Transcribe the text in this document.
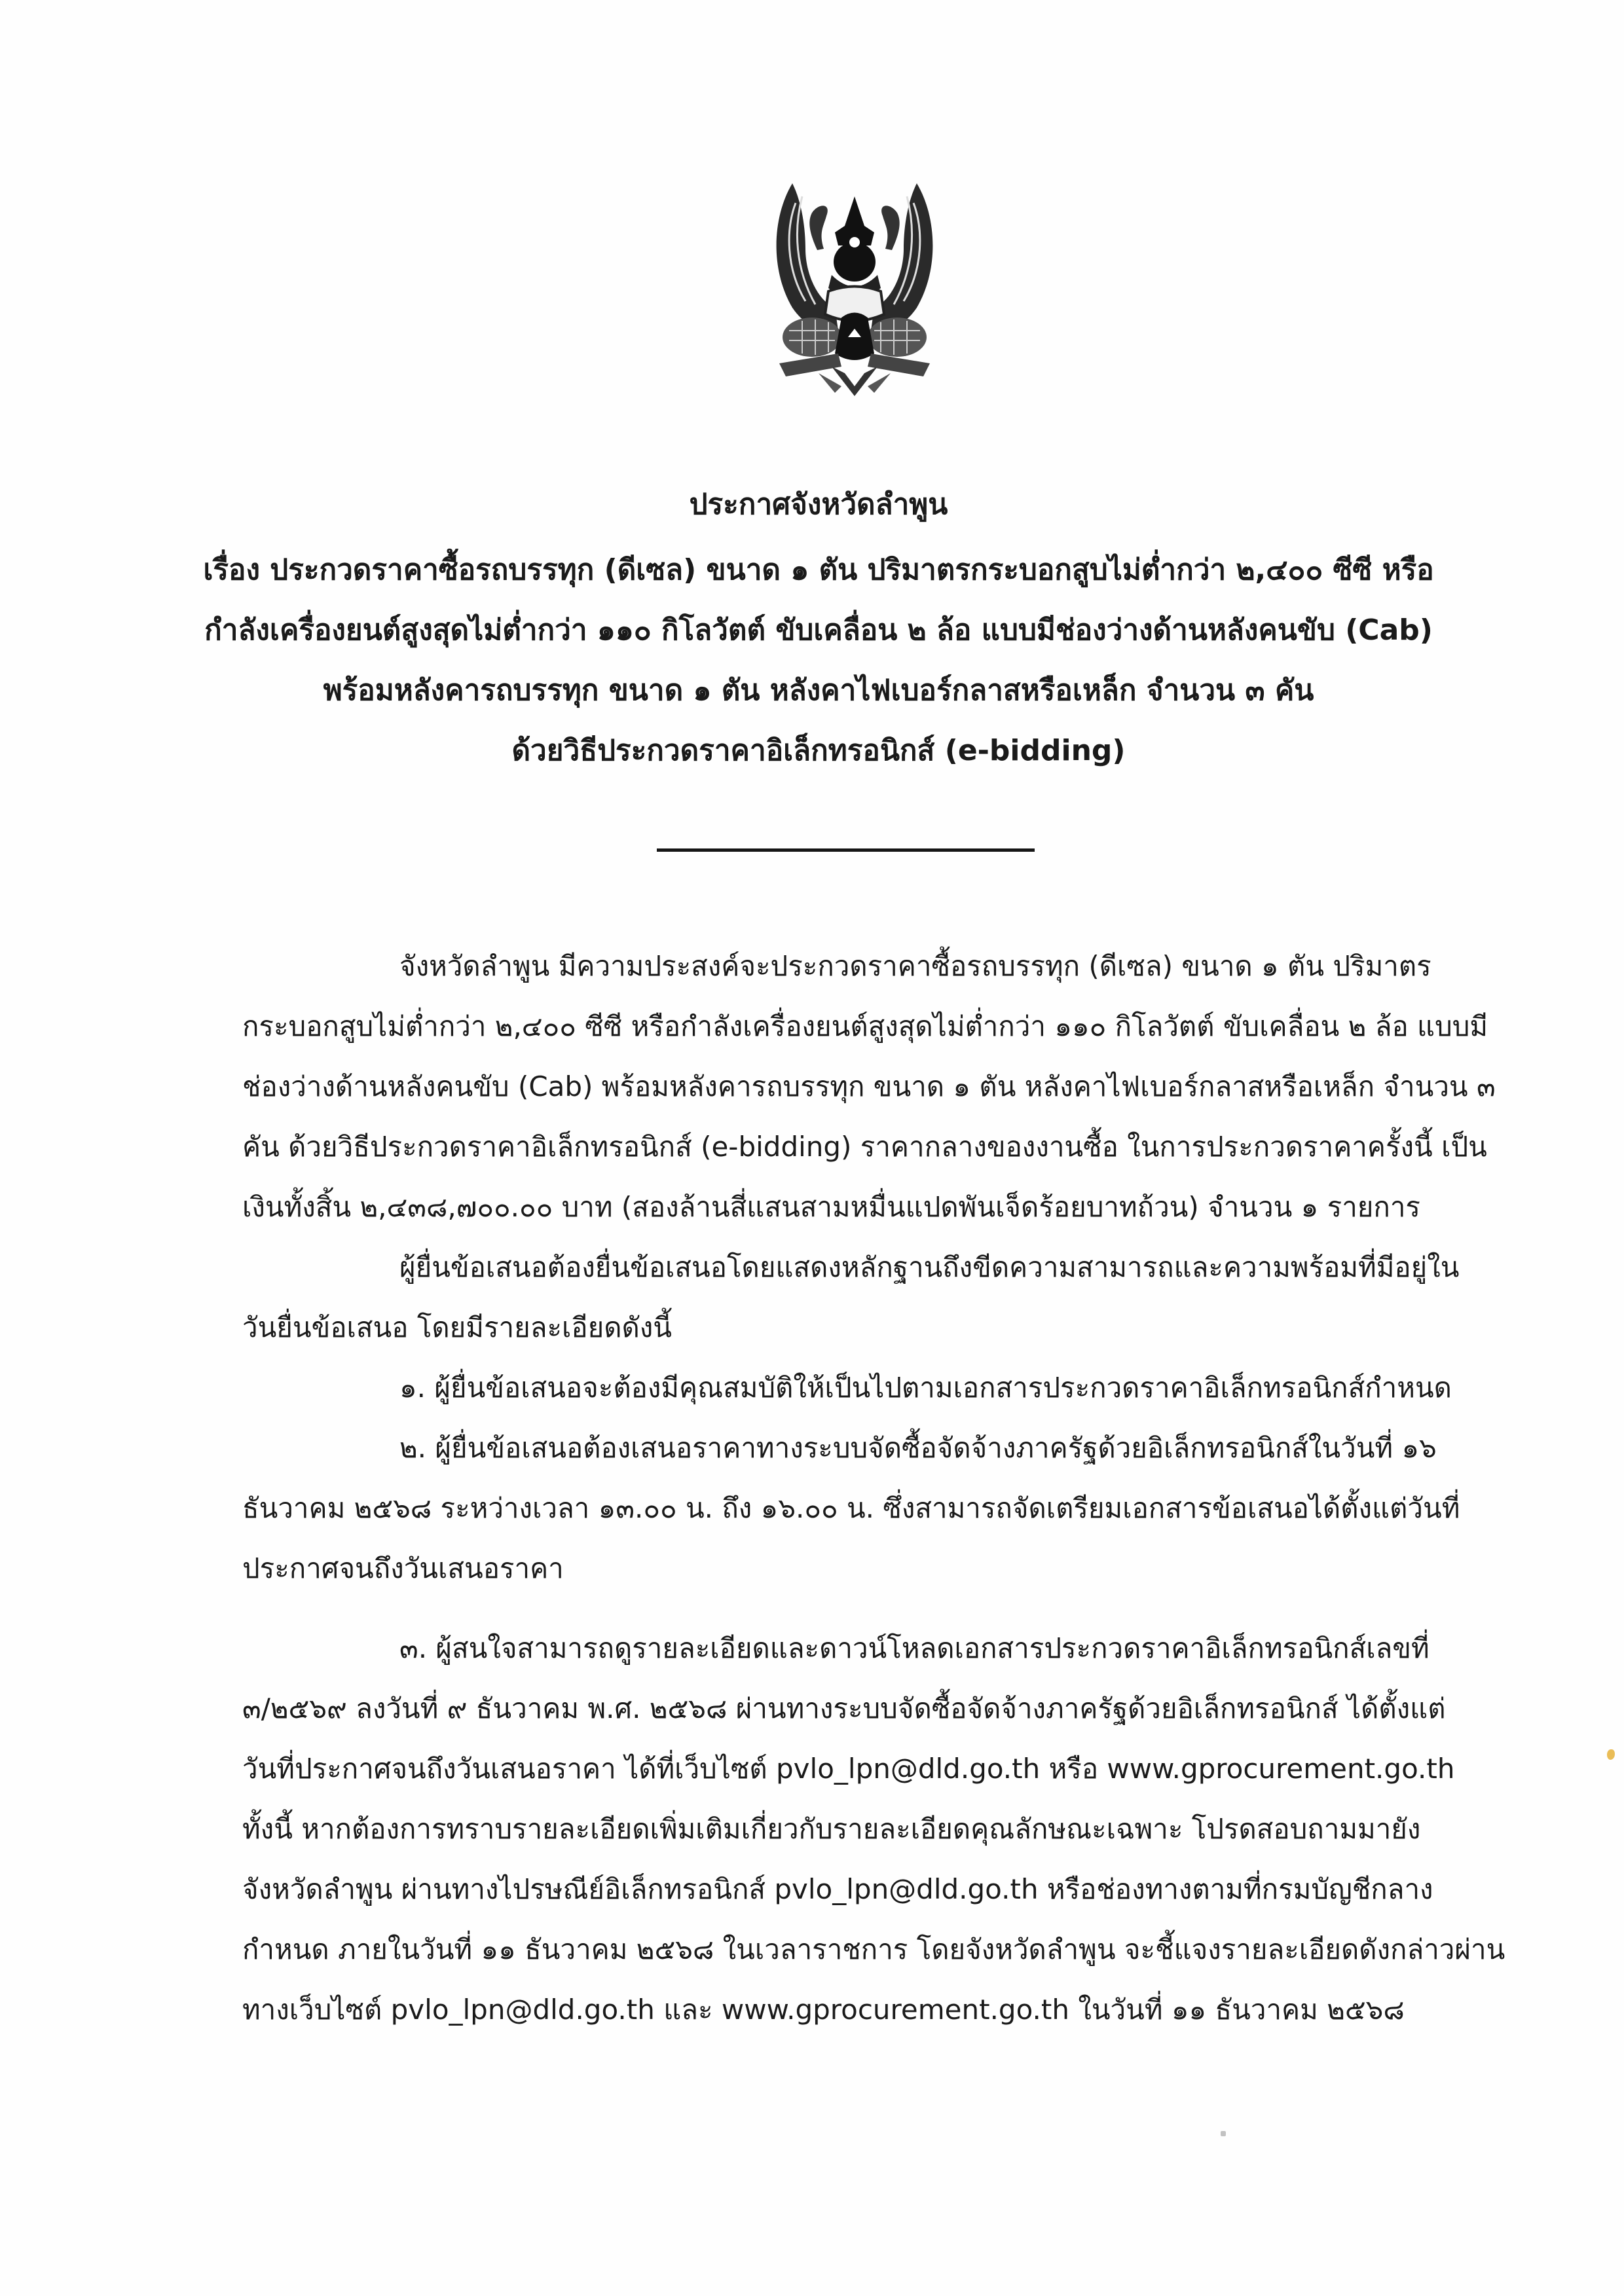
ประกาศจังหวัดลำพูน
เรื่อง ประกวดราคาซื้อรถบรรทุก (ดีเซล) ขนาด ๑ ตัน ปริมาตรกระบอกสูบไม่ต่ำกว่า ๒,๔๐๐ ซีซี หรือ
กำลังเครื่องยนต์สูงสุดไม่ต่ำกว่า ๑๑๐ กิโลวัตต์ ขับเคลื่อน ๒ ล้อ แบบมีช่องว่างด้านหลังคนขับ (Cab)
พร้อมหลังคารถบรรทุก ขนาด ๑ ตัน หลังคาไฟเบอร์กลาสหรือเหล็ก จำนวน ๓ คัน
ด้วยวิธีประกวดราคาอิเล็กทรอนิกส์ (e-bidding)
จังหวัดลำพูน มีความประสงค์จะประกวดราคาซื้อรถบรรทุก (ดีเซล) ขนาด ๑ ตัน ปริมาตร
กระบอกสูบไม่ต่ำกว่า ๒,๔๐๐ ซีซี หรือกำลังเครื่องยนต์สูงสุดไม่ต่ำกว่า ๑๑๐ กิโลวัตต์ ขับเคลื่อน ๒ ล้อ แบบมี
ช่องว่างด้านหลังคนขับ (Cab) พร้อมหลังคารถบรรทุก ขนาด ๑ ตัน หลังคาไฟเบอร์กลาสหรือเหล็ก จำนวน ๓
คัน ด้วยวิธีประกวดราคาอิเล็กทรอนิกส์ (e-bidding) ราคากลางของงานซื้อ ในการประกวดราคาครั้งนี้ เป็น
เงินทั้งสิ้น ๒,๔๓๘,๗๐๐.๐๐ บาท (สองล้านสี่แสนสามหมื่นแปดพันเจ็ดร้อยบาทถ้วน) จำนวน ๑ รายการ
ผู้ยื่นข้อเสนอต้องยื่นข้อเสนอโดยแสดงหลักฐานถึงขีดความสามารถและความพร้อมที่มีอยู่ใน
วันยื่นข้อเสนอ โดยมีรายละเอียดดังนี้
๑. ผู้ยื่นข้อเสนอจะต้องมีคุณสมบัติให้เป็นไปตามเอกสารประกวดราคาอิเล็กทรอนิกส์กำหนด
๒. ผู้ยื่นข้อเสนอต้องเสนอราคาทางระบบจัดซื้อจัดจ้างภาครัฐด้วยอิเล็กทรอนิกส์ในวันที่ ๑๖
ธันวาคม ๒๕๖๘ ระหว่างเวลา ๑๓.๐๐ น. ถึง ๑๖.๐๐ น. ซึ่งสามารถจัดเตรียมเอกสารข้อเสนอได้ตั้งแต่วันที่
ประกาศจนถึงวันเสนอราคา
๓. ผู้สนใจสามารถดูรายละเอียดและดาวน์โหลดเอกสารประกวดราคาอิเล็กทรอนิกส์เลขที่
๓/๒๕๖๙ ลงวันที่ ๙ ธันวาคม พ.ศ. ๒๕๖๘ ผ่านทางระบบจัดซื้อจัดจ้างภาครัฐด้วยอิเล็กทรอนิกส์ ได้ตั้งแต่
วันที่ประกาศจนถึงวันเสนอราคา ได้ที่เว็บไซต์ pvlo_lpn@dld.go.th หรือ www.gprocurement.go.th
ทั้งนี้ หากต้องการทราบรายละเอียดเพิ่มเติมเกี่ยวกับรายละเอียดคุณลักษณะเฉพาะ โปรดสอบถามมายัง
จังหวัดลำพูน ผ่านทางไปรษณีย์อิเล็กทรอนิกส์ pvlo_lpn@dld.go.th หรือช่องทางตามที่กรมบัญชีกลาง
กำหนด ภายในวันที่ ๑๑ ธันวาคม ๒๕๖๘ ในเวลาราชการ โดยจังหวัดลำพูน จะชี้แจงรายละเอียดดังกล่าวผ่าน
ทางเว็บไซต์ pvlo_lpn@dld.go.th และ www.gprocurement.go.th ในวันที่ ๑๑ ธันวาคม ๒๕๖๘
